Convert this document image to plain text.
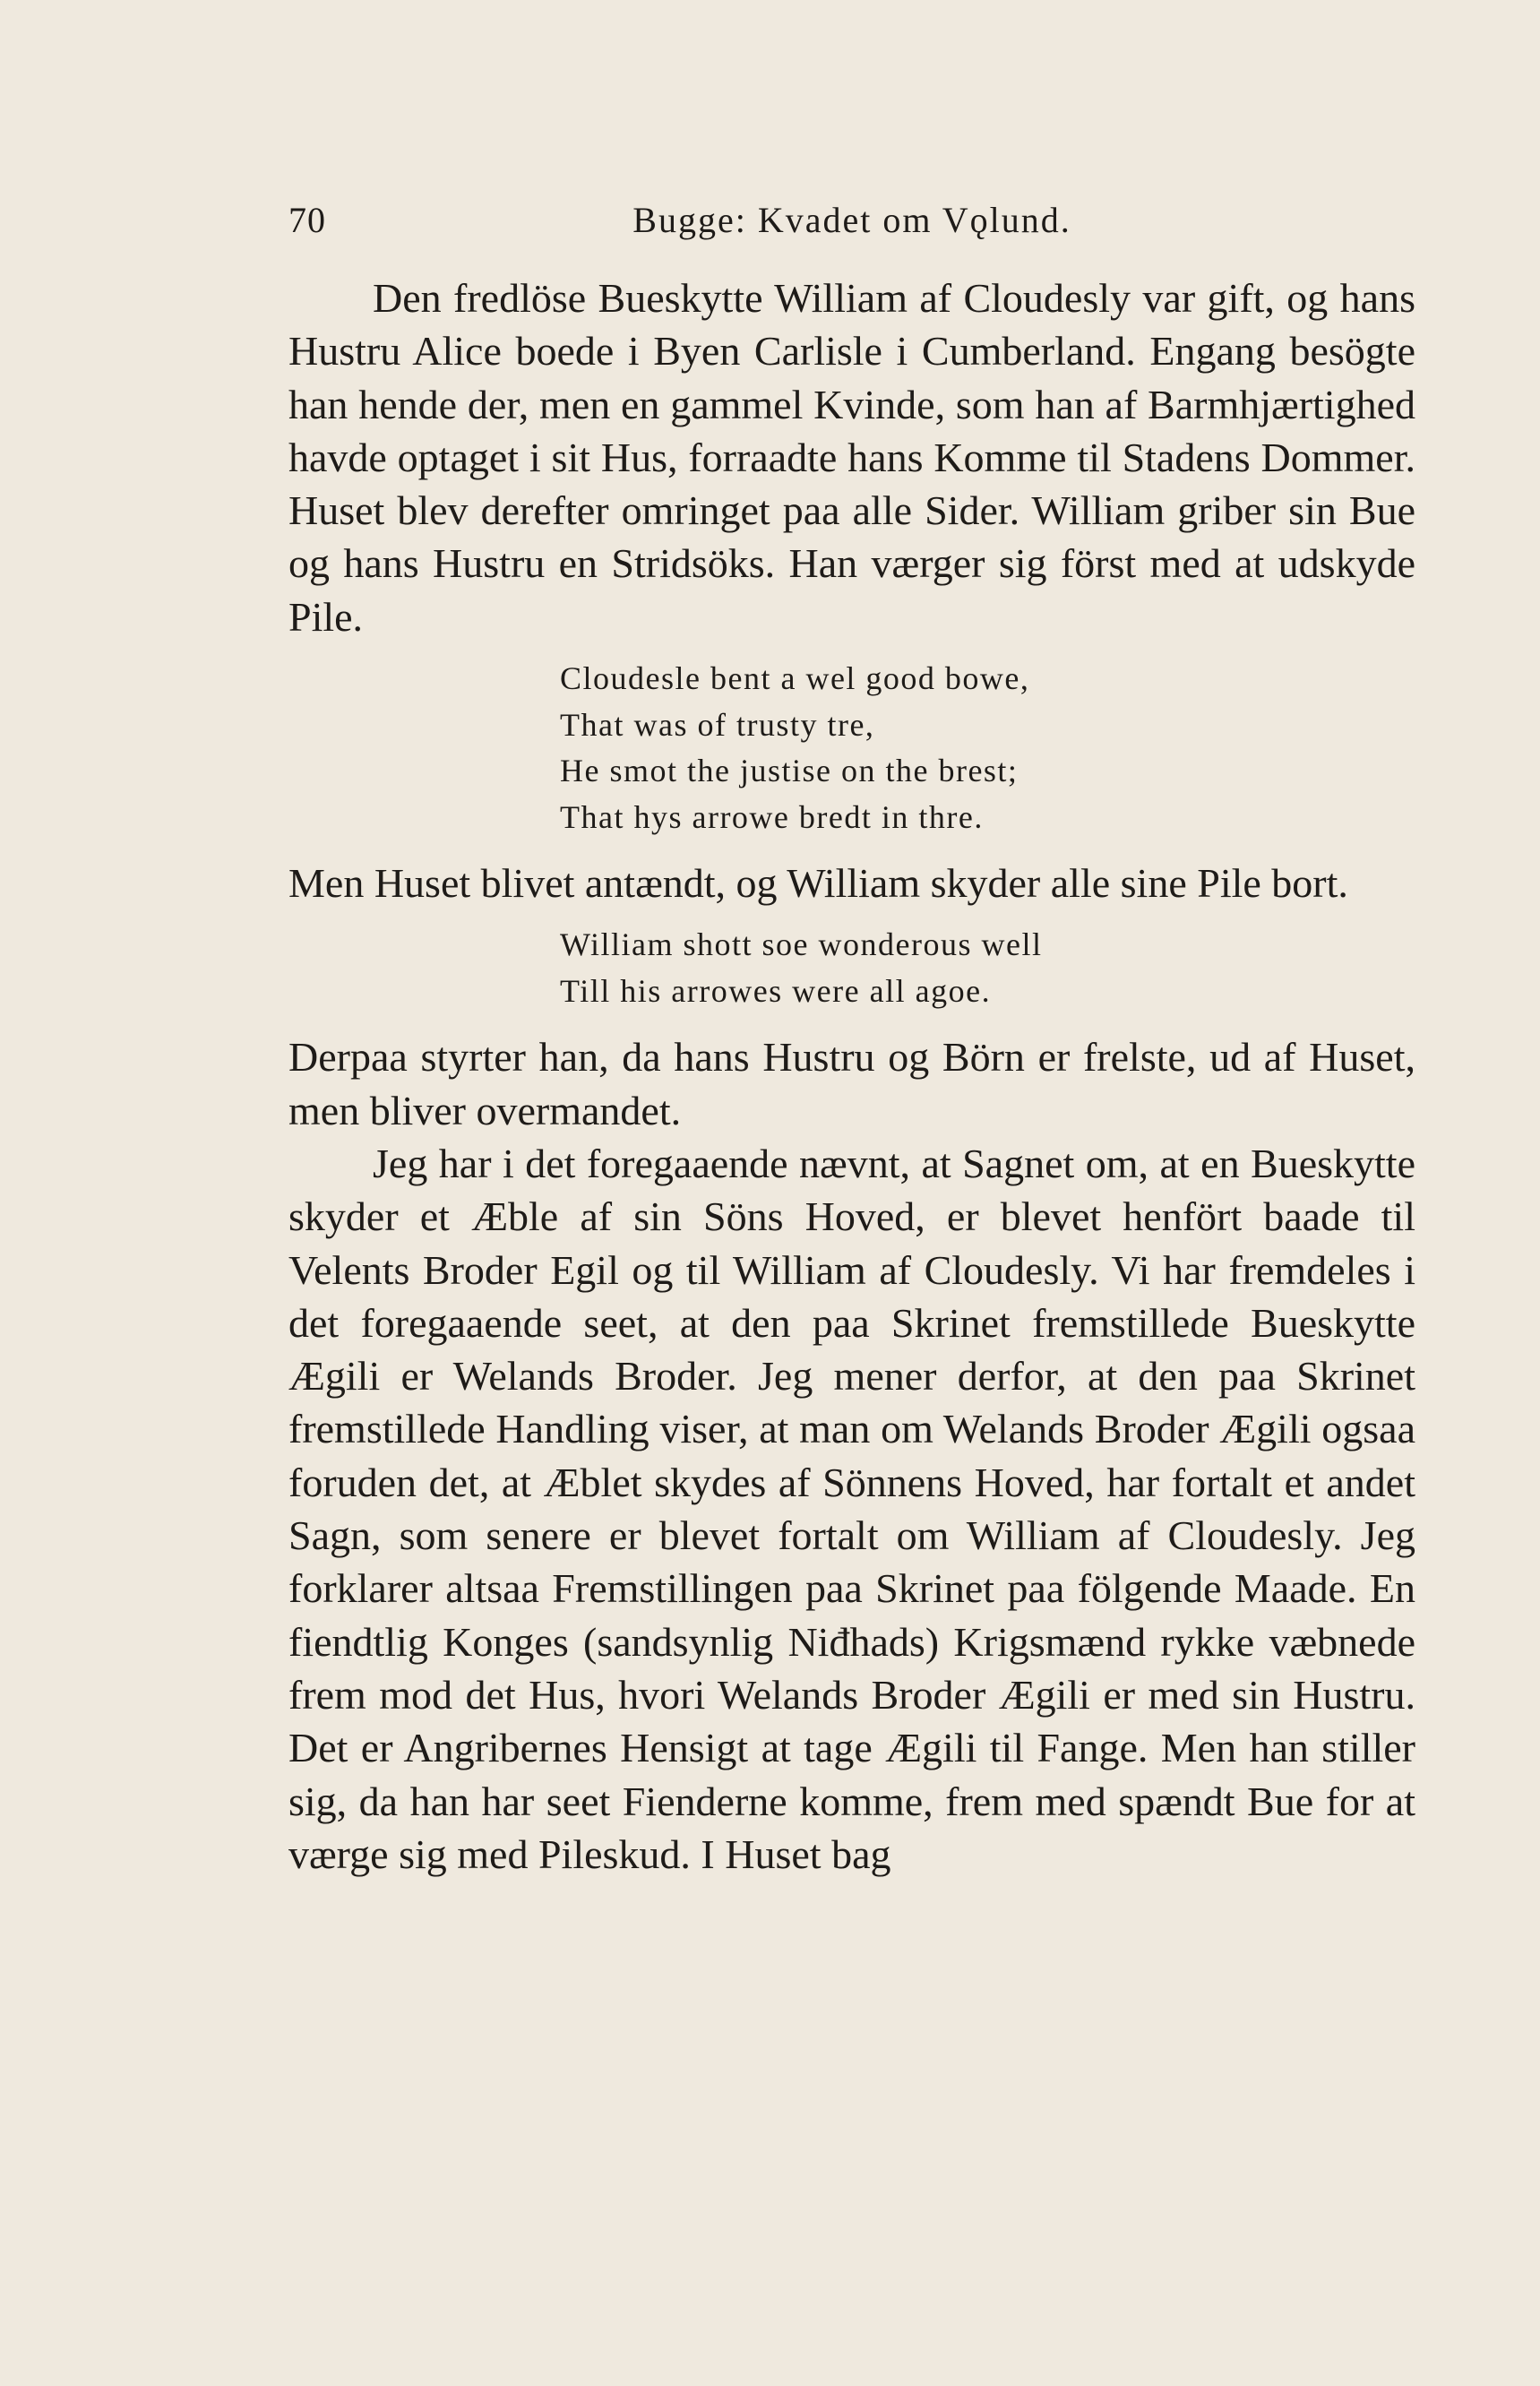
70	Bugge: Kvadet om Vǫlund.

Den fredlöse Bueskytte William af Cloudesly var gift, og hans Hustru Alice boede i Byen Carlisle i Cumberland. Engang besögte han hende der, men en gammel Kvinde, som han af Barmhjærtighed havde optaget i sit Hus, forraadte hans Komme til Stadens Dommer. Huset blev derefter omringet paa alle Sider. William griber sin Bue og hans Hustru en Stridsöks. Han værger sig först med at udskyde Pile.

Cloudesle bent a wel good bowe,
That was of trusty tre,
He smot the justise on the brest;
That hys arrowe bredt in thre.

Men Huset blivet antændt, og William skyder alle sine Pile bort.

William shott soe wonderous well
Till his arrowes were all agoe.

Derpaa styrter han, da hans Hustru og Börn er frelste, ud af Huset, men bliver overmandet.

Jeg har i det foregaaende nævnt, at Sagnet om, at en Bueskytte skyder et Æble af sin Söns Hoved, er blevet henfört baade til Velents Broder Egil og til William af Cloudesly. Vi har fremdeles i det foregaaende seet, at den paa Skrinet fremstillede Bueskytte Ægili er Welands Broder. Jeg mener derfor, at den paa Skrinet fremstillede Handling viser, at man om Welands Broder Ægili ogsaa foruden det, at Æblet skydes af Sönnens Hoved, har fortalt et andet Sagn, som senere er blevet fortalt om William af Cloudesly. Jeg forklarer altsaa Fremstillingen paa Skrinet paa fölgende Maade. En fiendtlig Konges (sandsynlig Niđhads) Krigsmænd rykke væbnede frem mod det Hus, hvori Welands Broder Ægili er med sin Hustru. Det er Angribernes Hensigt at tage Ægili til Fange. Men han stiller sig, da han har seet Fienderne komme, frem med spændt Bue for at værge sig med Pileskud. I Huset bag
